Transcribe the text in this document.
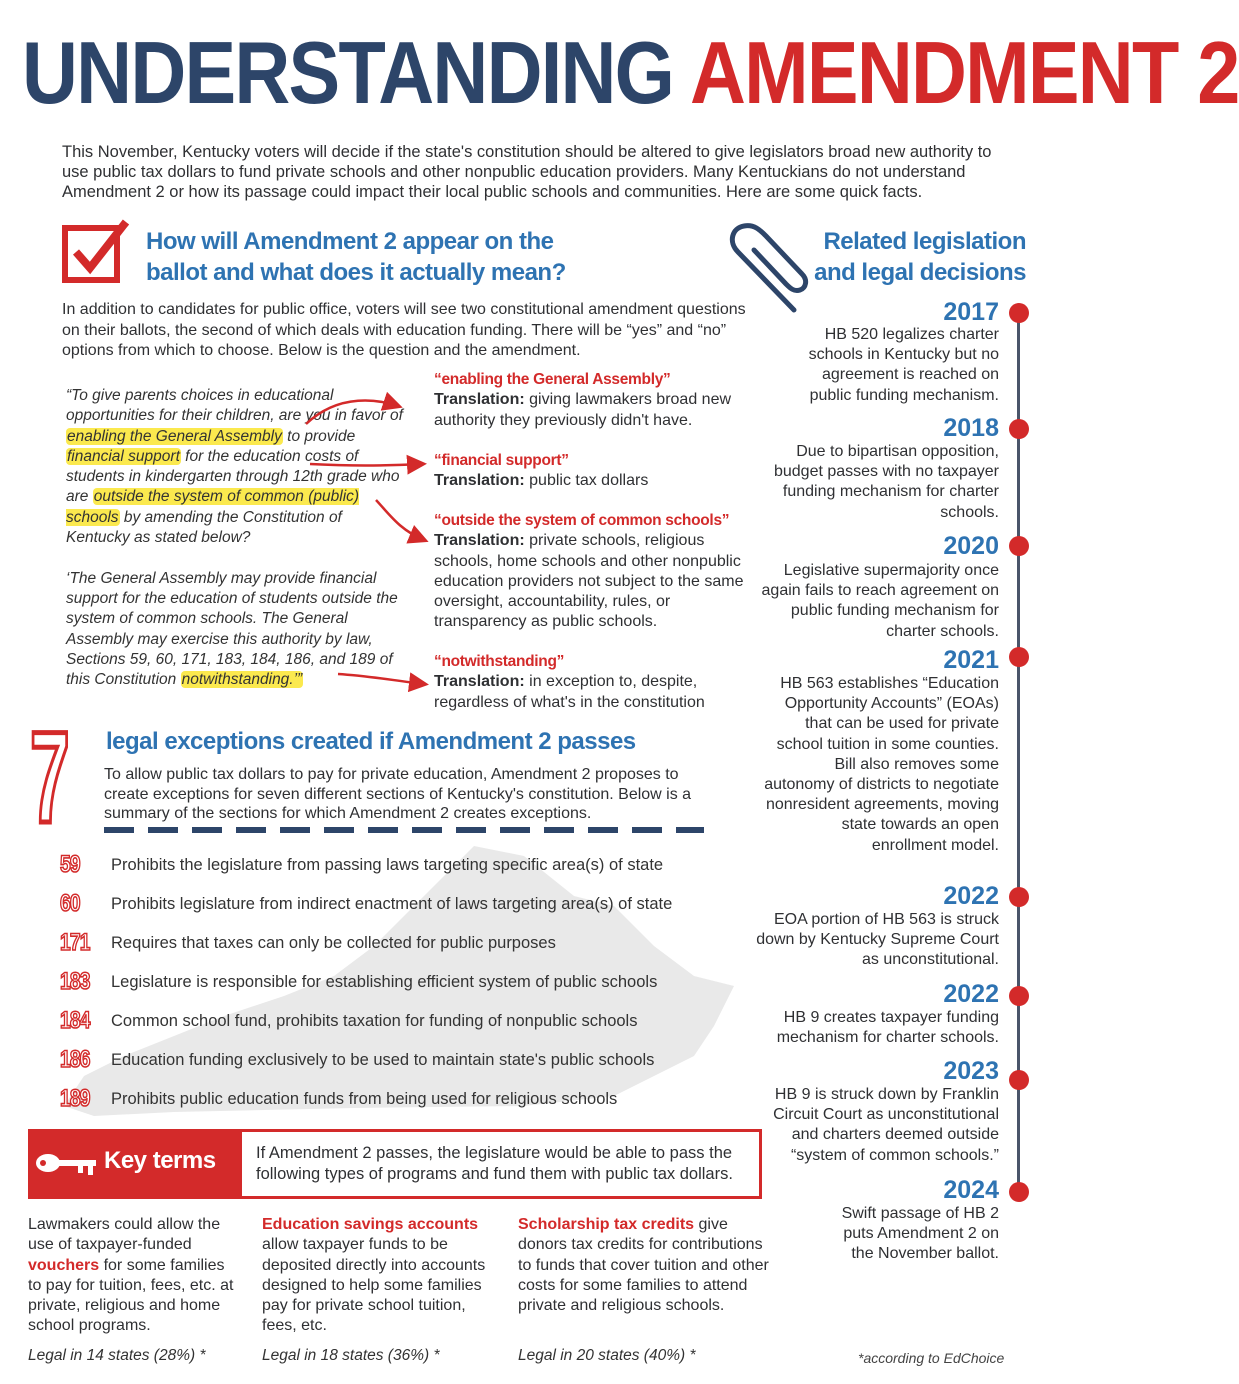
UNDERSTANDING AMENDMENT 2

This November, Kentucky voters will decide if the state's constitution should be altered to give legislators broad new authority to use public tax dollars to fund private schools and other nonpublic education providers. Many Kentuckians do not understand Amendment 2 or how its passage could impact their local public schools and communities. Here are some quick facts.

How will Amendment 2 appear on the
ballot and what does it actually mean?

In addition to candidates for public office, voters will see two constitutional amendment questions on their ballots, the second of which deals with education funding. There will be “yes” and “no” options from which to choose. Below is the question and the amendment.

“To give parents choices in educational opportunities for their children, are you in favor of enabling the General Assembly to provide financial support for the education costs of students in kindergarten through 12th grade who are outside the system of common (public) schools by amending the Constitution of Kentucky as stated below?

‘The General Assembly may provide financial support for the education of students outside the system of common schools. The General Assembly may exercise this authority by law, Sections 59, 60, 171, 183, 184, 186, and 189 of this Constitution notwithstanding.’”
“enabling the General Assembly”
Translation: giving lawmakers broad new authority they previously didn't have.
“financial support”
Translation: public tax dollars
“outside the system of common schools”
Translation: private schools, religious schools, home schools and other nonpublic education providers not subject to the same oversight, accountability, rules, or transparency as public schools.
“notwithstanding”
Translation: in exception to, despite, regardless of what's in the constitution
7 legal exceptions created if Amendment 2 passes

To allow public tax dollars to pay for private education, Amendment 2 proposes to create exceptions for seven different sections of Kentucky's constitution. Below is a summary of the sections for which Amendment 2 creates exceptions.

59	Prohibits the legislature from passing laws targeting specific area(s) of state
60	Prohibits legislature from indirect enactment of laws targeting area(s) of state
171	Requires that taxes can only be collected for public purposes
183	Legislature is responsible for establishing efficient system of public schools
184	Common school fund, prohibits taxation for funding of nonpublic schools
186	Education funding exclusively to be used to maintain state's public schools
189	Prohibits public education funds from being used for religious schools
Key terms If Amendment 2 passes, the legislature would be able to pass the following types of programs and fund them with public tax dollars.

Lawmakers could allow the use of taxpayer-funded vouchers for some families to pay for tuition, fees, etc. at private, religious and home school programs.
Education savings accounts allow taxpayer funds to be deposited directly into accounts designed to help some families pay for private school tuition, fees, etc.
Scholarship tax credits give donors tax credits for contributions to funds that cover tuition and other costs for some families to attend private and religious schools.
Legal in 14 states (28%) *	Legal in 18 states (36%) *	Legal in 20 states (40%) *	*according to EdChoice
Related legislation
and legal decisions
2017
HB 520 legalizes charter schools in Kentucky but no agreement is reached on public funding mechanism.
2018
Due to bipartisan opposition, budget passes with no taxpayer funding mechanism for charter schools.
2020
Legislative supermajority once again fails to reach agreement on public funding mechanism for charter schools.
2021
HB 563 establishes “Education Opportunity Accounts” (EOAs) that can be used for private school tuition in some counties. Bill also removes some autonomy of districts to negotiate nonresident agreements, moving state towards an open enrollment model.
2022
EOA portion of HB 563 is struck down by Kentucky Supreme Court as unconstitutional.
2022
HB 9 creates taxpayer funding mechanism for charter schools.
2023
HB 9 is struck down by Franklin Circuit Court as unconstitutional and charters deemed outside “system of common schools.”
2024
Swift passage of HB 2 puts Amendment 2 on the November ballot.
